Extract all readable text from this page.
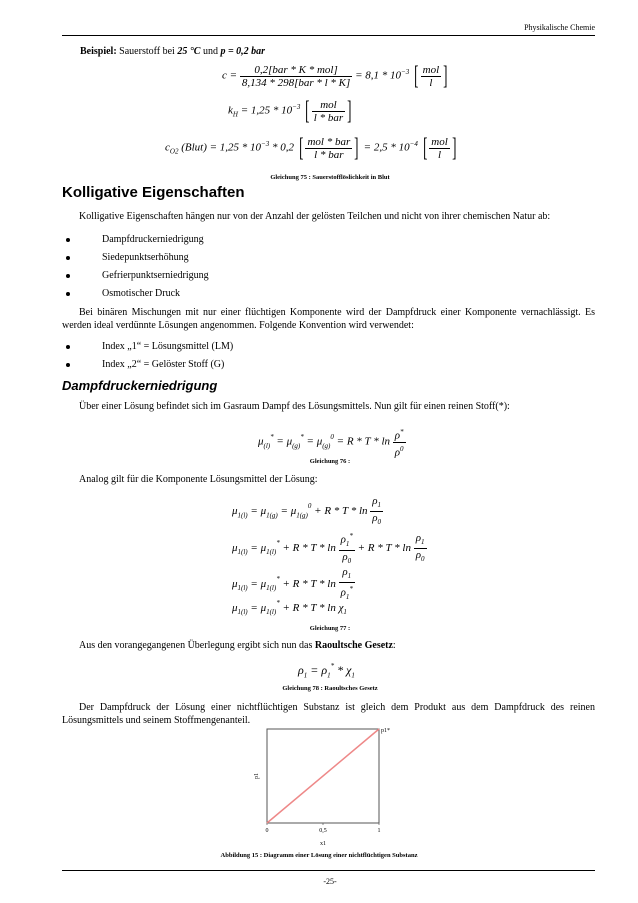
Physikalische Chemie
Beispiel: Sauerstoff bei 25 °C und p = 0,2 bar
$c = \frac{\text{0,2[bar * K * mol]}}{\text{8,134 * 298[bar * l * K]}} = 8,1 * 10^{-3}$ [ $\frac{\text{mol}}{l}$ ]
$k_H = 1,25 * 10^{-3}$ [ $\frac{\text{mol}}{\text{l * bar}}$ ]
$c_{O2}$ (Blut) = $1,25 * 10^{-3} * 0,2$ [ $\frac{\text{mol * bar}}{\text{l * bar}}$ ] = $2,5 * 10^{-4}$ [ $\frac{\text{mol}}{l}$ ]
Gleichung 75 : Sauerstofflöslichkeit in Blut
Kolligative Eigenschaften
Kolligative Eigenschaften hängen nur von der Anzahl der gelösten Teilchen und nicht von ihrer chemischen Natur ab:
Dampfdruckerniedrigung
Siedepunktserhöhung
Gefrierpunktserniedrigung
Osmotischer Druck
Bei binären Mischungen mit nur einer flüchtigen Komponente wird der Dampfdruck einer Komponente vernachlässigt. Es werden ideal verdünnte Lösungen angenommen. Folgende Konvention wird verwendet:
Index „1“ = Lösungsmittel (LM)
Index „2“ = Gelöster Stoff (G)
Dampfdruckerniedrigung
Über einer Lösung befindet sich im Gasraum Dampf des Lösungsmittels. Nun gilt für einen reinen Stoff(*):
$\mu_{(l)}^* = \mu_{(g)}^* = \mu_{(g)}^0 = R * T * \ln \frac{\rho^*}{\rho^0}$
Gleichung 76 :
Analog gilt für die Komponente Lösungsmittel der Lösung:
$\mu_{1(l)} = \mu_{1(g)} = \mu_{1(g)}^0 + R * T * \ln \frac{\rho_1}{\rho_0}$
$\mu_{1(l)} = \mu_{1(l)}^* + R * T * \ln \frac{\rho_1^*}{\rho_0} + R * T * \ln \frac{\rho_1}{\rho_0}$
$\mu_{1(l)} = \mu_{1(l)}^* + R * T * \ln \frac{\rho_1}{\rho_1^*}$
$\mu_{1(l)} = \mu_{1(l)}^* + R * T * \ln \chi_1$
Gleichung 77 :
Aus den vorangegangenen Überlegung ergibt sich nun das Raoultsche Gesetz:
$\rho_1 = \rho_1^* * \chi_1$
Gleichung 78 : Raoultsches Gesetz
Der Dampfdruck der Lösung einer nichtflüchtigen Substanz ist gleich dem Produkt aus dem Dampfdruck des reinen Lösungsmittels und seinem Stoffmengenanteil.
p1*
p1
0	0,5	1
x1
Abbildung 15 : Diagramm einer Lösung einer nichtflüchtigen Substanz
-25-
